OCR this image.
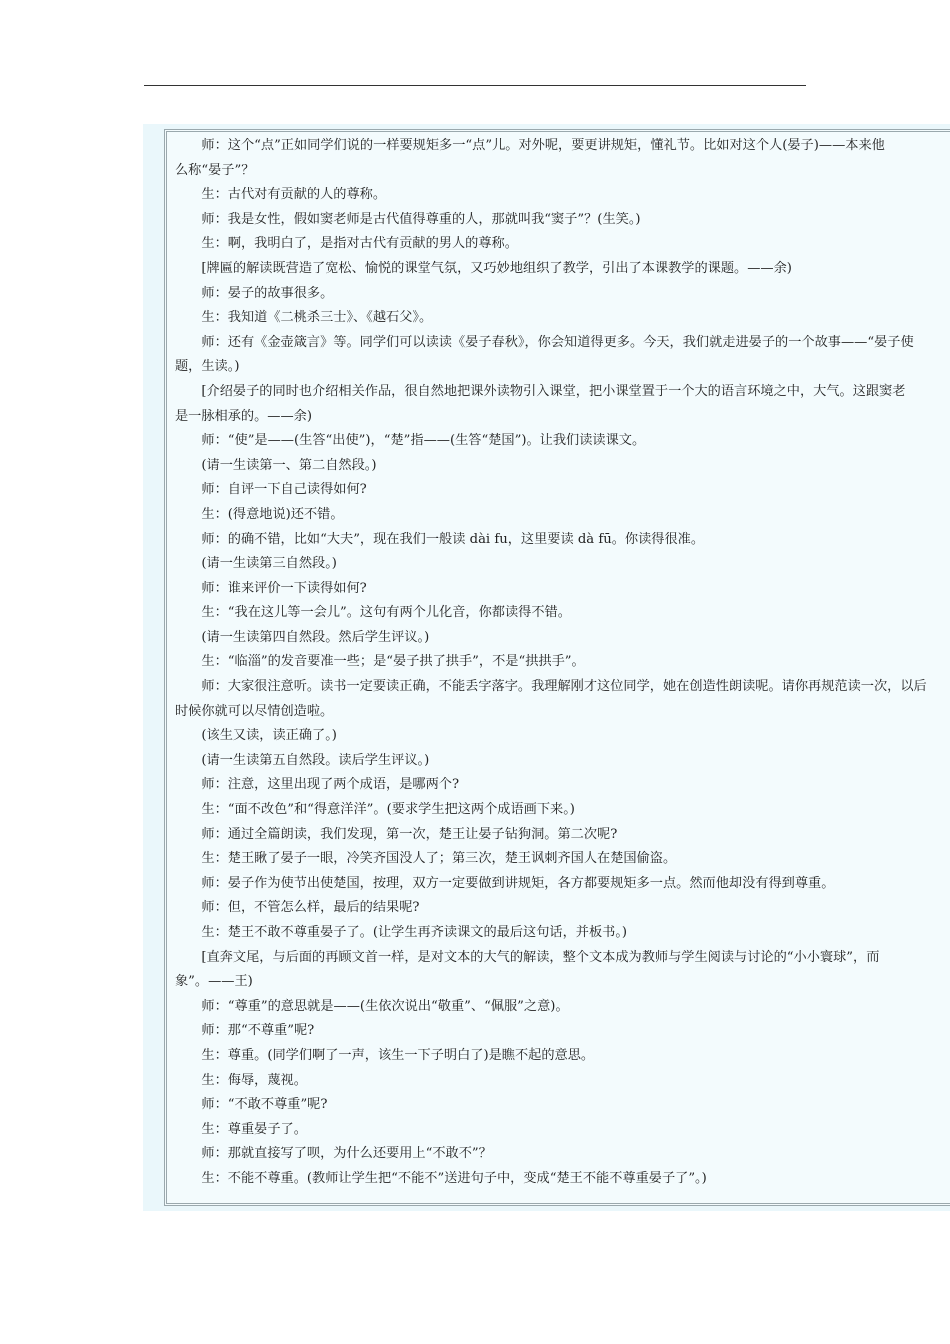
师：这个“点”正如同学们说的一样要规矩多一“点”儿。对外呢，要更讲规矩，懂礼节。比如对这个人(晏子)——本来他

么称“晏子”？

生：古代对有贡献的人的尊称。

师：我是女性，假如窦老师是古代值得尊重的人，那就叫我“窦子”？(生笑。)

生：啊，我明白了，是指对古代有贡献的男人的尊称。

[牌匾的解读既营造了宽松、愉悦的课堂气氛，又巧妙地组织了教学，引出了本课教学的课题。——余)

师：晏子的故事很多。

生：我知道《二桃杀三士》、《越石父》。

师：还有《金壶箴言》等。同学们可以读读《晏子春秋》，你会知道得更多。今天，我们就走进晏子的一个故事——“晏子使

题，生读。)

[介绍晏子的同时也介绍相关作品，很自然地把课外读物引入课堂，把小课堂置于一个大的语言环境之中，大气。这跟窦老

是一脉相承的。——余)

师：“使”是——(生答“出使”)，“楚”指——(生答“楚国”)。让我们读读课文。

(请一生读第一、第二自然段。)

师：自评一下自己读得如何?

生：(得意地说)还不错。

师：的确不错，比如“大夫”，现在我们一般读 dài fu，这里要读 dà fū。你读得很准。

(请一生读第三自然段。)

师：谁来评价一下读得如何?

生：“我在这儿等一会儿”。这句有两个儿化音，你都读得不错。

(请一生读第四自然段。然后学生评议。)

生：“临淄”的发音要准一些；是“晏子拱了拱手”，不是“拱拱手”。

师：大家很注意听。读书一定要读正确，不能丢字落字。我理解刚才这位同学，她在创造性朗读呢。请你再规范读一次，以后

时候你就可以尽情创造啦。

(该生又读，读正确了。)

(请一生读第五自然段。读后学生评议。)

师：注意，这里出现了两个成语，是哪两个?

生：“面不改色”和“得意洋洋”。(要求学生把这两个成语画下来。)

师：通过全篇朗读，我们发现，第一次，楚王让晏子钻狗洞。第二次呢?

生：楚王瞅了晏子一眼，冷笑齐国没人了；第三次，楚王讽刺齐国人在楚国偷盗。

师：晏子作为使节出使楚国，按理，双方一定要做到讲规矩，各方都要规矩多一点。然而他却没有得到尊重。

师：但，不管怎么样，最后的结果呢?

生：楚王不敢不尊重晏子了。(让学生再齐读课文的最后这句话，并板书。)

[直奔文尾，与后面的再顾文首一样，是对文本的大气的解读，整个文本成为教师与学生阅读与讨论的“小小寰球”，而

象”。——王)

师：“尊重”的意思就是——(生依次说出“敬重”、“佩服”之意)。

师：那“不尊重”呢?

生：尊重。(同学们啊了一声，该生一下子明白了)是瞧不起的意思。

生：侮辱，蔑视。

师：“不敢不尊重”呢?

生：尊重晏子了。

师：那就直接写了呗，为什么还要用上“不敢不”？

生：不能不尊重。(教师让学生把“不能不”送进句子中，变成“楚王不能不尊重晏子了”。)
